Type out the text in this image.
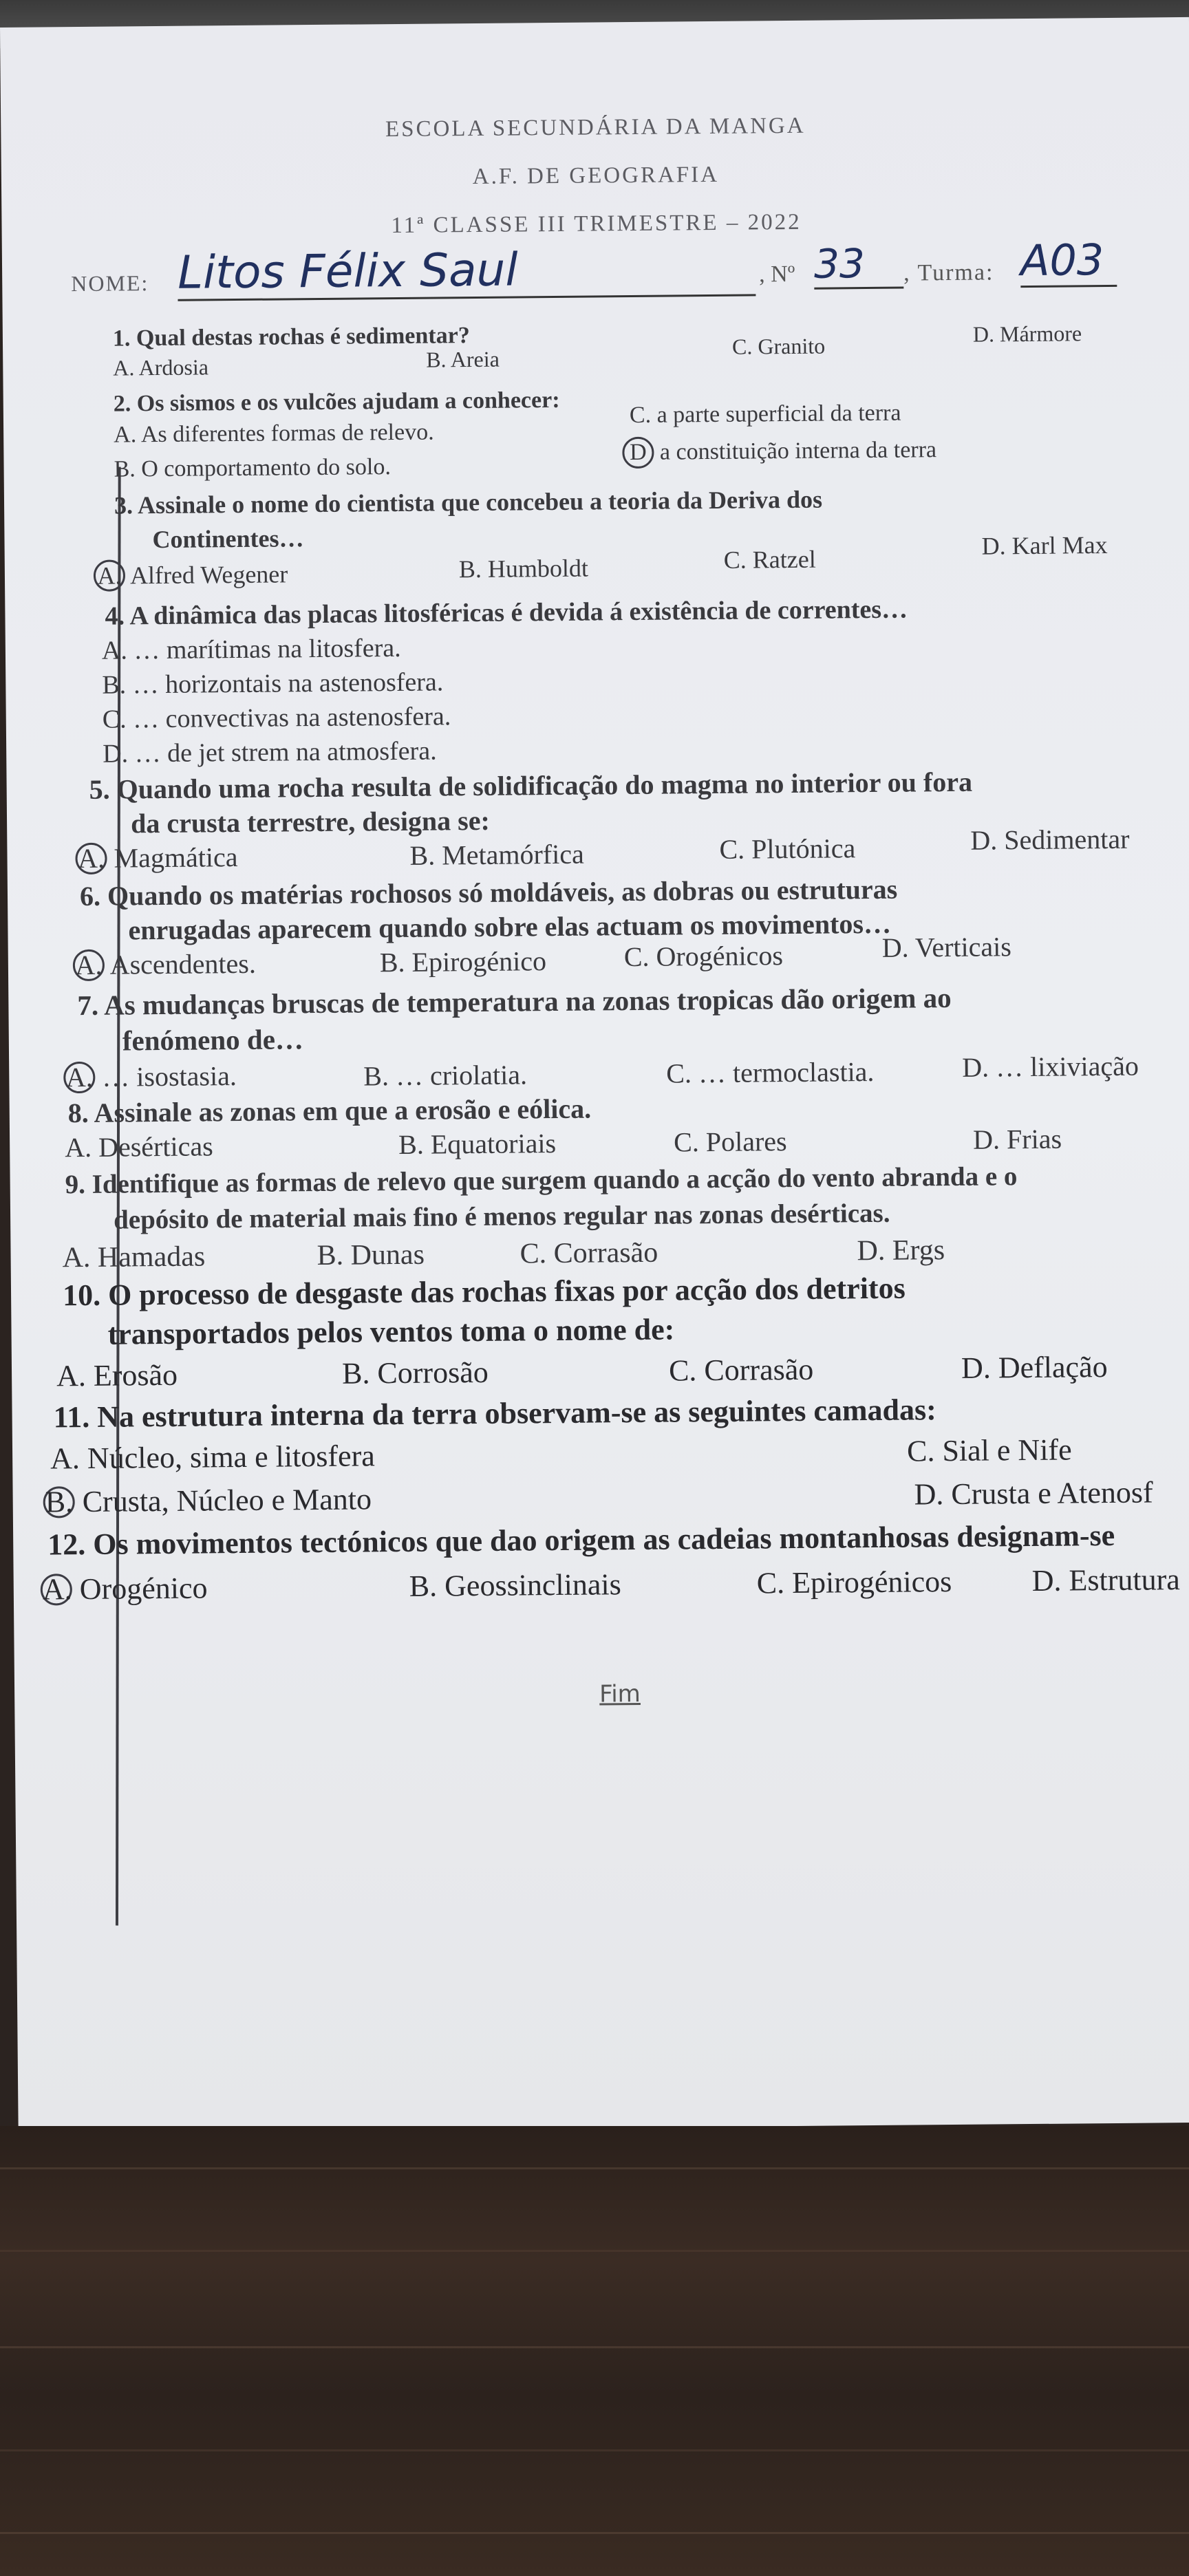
ESCOLA SECUNDÁRIA DA MANGA
A.F. DE GEOGRAFIA
11ª CLASSE III TRIMESTRE – 2022
NOME: Litos Félix Saul	, Nº 33	, Turma: A03
1. Qual destas rochas é sedimentar?
A. Ardosia	B. Areia
C. Granito	D. Mármore
2. Os sismos e os vulcões ajudam a conhecer:
A. As diferentes formas de relevo.
C. a parte superficial da terra
B. O comportamento do solo.
D a constituição interna da terra
3. Assinale o nome do cientista que concebeu a teoria da Deriva dos
Continentes…
A. Alfred Wegener	B. Humboldt	C. Ratzel	D. Karl Max
4. A dinâmica das placas litosféricas é devida á existência de correntes…
A. … marítimas na litosfera.
B. … horizontais na astenosfera.
C. … convectivas na astenosfera.
D. … de jet strem na atmosfera.
5. Quando uma rocha resulta de solidificação do magma no interior ou fora
da crusta terrestre, designa se:
A. Magmática	B. Metamórfica	C. Plutónica	D. Sedimentar
6. Quando os matérias rochosos só moldáveis, as dobras ou estruturas
enrugadas aparecem quando sobre elas actuam os movimentos…
A. Ascendentes.	B. Epirogénico	C. Orogénicos	D. Verticais
7. As mudanças bruscas de temperatura na zonas tropicas dão origem ao
fenómeno de…
A. … isostasia.	B. … criolatia.	C. … termoclastia.	D. … lixiviação
8. Assinale as zonas em que a erosão e eólica.
A. Desérticas	B. Equatoriais	C. Polares	D. Frias
9. Identifique as formas de relevo que surgem quando a acção do vento abranda e o
depósito de material mais fino é menos regular nas zonas desérticas.
A. Hamadas	B. Dunas	C. Corrasão	D. Ergs
10. O processo de desgaste das rochas fixas por acção dos detritos
transportados pelos ventos toma o nome de:
A. Erosão	B. Corrosão	C. Corrasão	D. Deflação
11. Na estrutura interna da terra observam-se as seguintes camadas:
A. Núcleo, sima e litosfera	C. Sial e Nife
B. Crusta, Núcleo e Manto	D. Crusta e Atenosf
12. Os movimentos tectónicos que dao origem as cadeias montanhosas designam-se
A. Orogénico	B. Geossinclinais	C. Epirogénicos	D. Estrutura
Fim
